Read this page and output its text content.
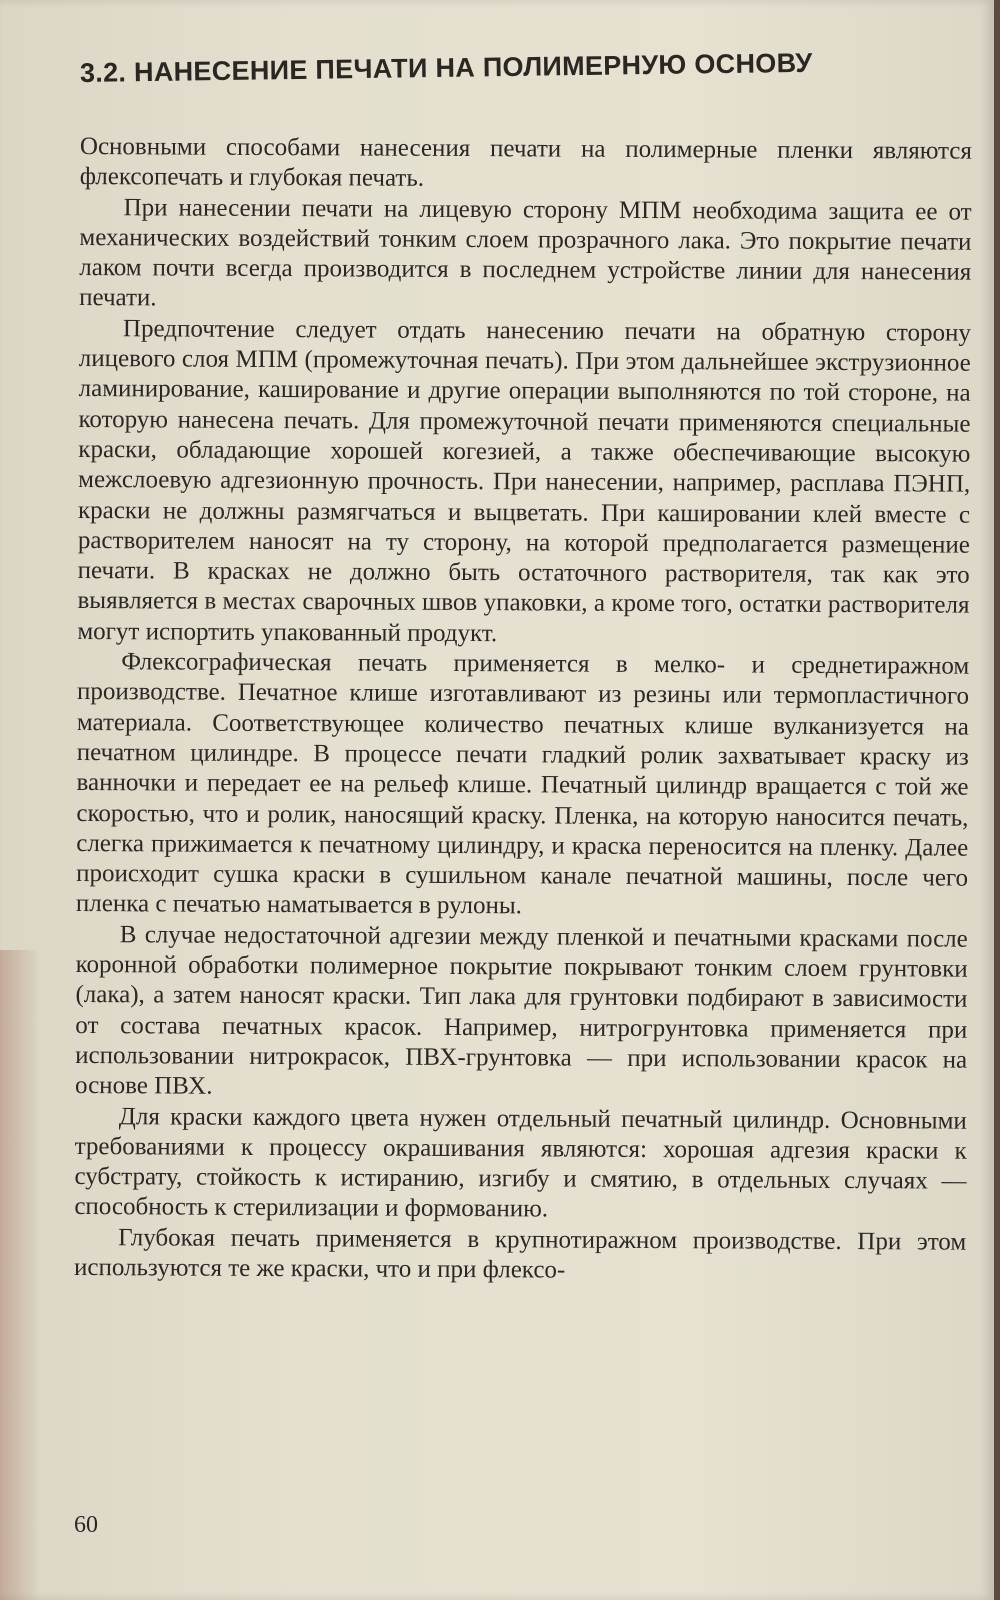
3.2. НАНЕСЕНИЕ ПЕЧАТИ НА ПОЛИМЕРНУЮ ОСНОВУ

Основными способами нанесения печати на полимерные пленки являются флексопечать и глубокая печать.

При нанесении печати на лицевую сторону МПМ необходима защита ее от механических воздействий тонким слоем прозрачного лака. Это покрытие печати лаком почти всегда производится в последнем устройстве линии для нанесения печати.

Предпочтение следует отдать нанесению печати на обратную сторону лицевого слоя МПМ (промежуточная печать). При этом дальнейшее экструзионное ламинирование, каширование и другие операции выполняются по той стороне, на которую нанесена печать. Для промежуточной печати применяются специальные краски, обладающие хорошей когезией, а также обеспечивающие высокую межслоевую адгезионную прочность. При нанесении, например, расплава ПЭНП, краски не должны размягчаться и выцветать. При кашировании клей вместе с растворителем наносят на ту сторону, на которой предполагается размещение печати. В красках не должно быть остаточного растворителя, так как это выявляется в местах сварочных швов упаковки, а кроме того, остатки растворителя могут испортить упакованный продукт.

Флексографическая печать применяется в мелко- и среднетиражном производстве. Печатное клише изготавливают из резины или термопластичного материала. Соответствующее количество печатных клише вулканизуется на печатном цилиндре. В процессе печати гладкий ролик захватывает краску из ванночки и передает ее на рельеф клише. Печатный цилиндр вращается с той же скоростью, что и ролик, наносящий краску. Пленка, на которую наносится печать, слегка прижимается к печатному цилиндру, и краска переносится на пленку. Далее происходит сушка краски в сушильном канале печатной машины, после чего пленка с печатью наматывается в рулоны.

В случае недостаточной адгезии между пленкой и печатными красками после коронной обработки полимерное покрытие покрывают тонким слоем грунтовки (лака), а затем наносят краски. Тип лака для грунтовки подбирают в зависимости от состава печатных красок. Например, нитрогрунтовка применяется при использовании нитрокрасок, ПВХ-грунтовка — при использовании красок на основе ПВХ.

Для краски каждого цвета нужен отдельный печатный цилиндр. Основными требованиями к процессу окрашивания являются: хорошая адгезия краски к субстрату, стойкость к истиранию, изгибу и смятию, в отдельных случаях — способность к стерилизации и формованию.

Глубокая печать применяется в крупнотиражном производстве. При этом используются те же краски, что и при флексо-

60
